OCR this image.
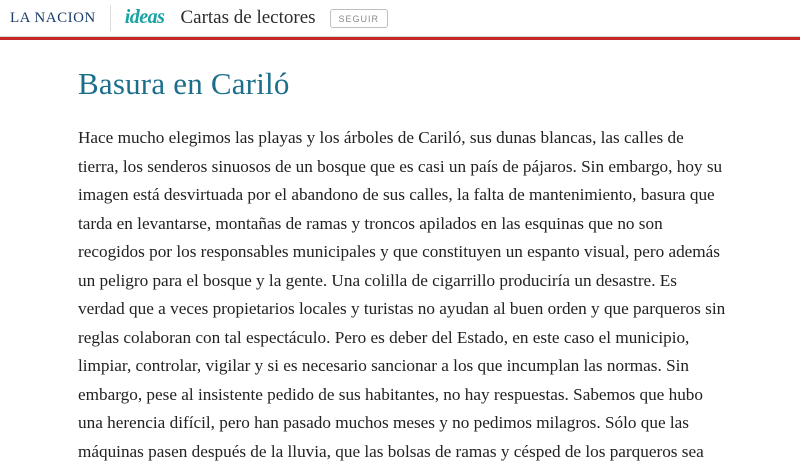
LA NACION ideas Cartas de lectores	SEGUIR
Basura en Cariló

Hace mucho elegimos las playas y los árboles de Cariló, sus dunas blancas, las calles de tierra, los senderos sinuosos de un bosque que es casi un país de pájaros. Sin embargo, hoy su imagen está desvirtuada por el abandono de sus calles, la falta de mantenimiento, basura que tarda en levantarse, montañas de ramas y troncos apilados en las esquinas que no son recogidos por los responsables municipales y que constituyen un espanto visual, pero además un peligro para el bosque y la gente. Una colilla de cigarrillo produciría un desastre. Es verdad que a veces propietarios locales y turistas no ayudan al buen orden y que parqueros sin reglas colaboran con tal espectáculo. Pero es deber del Estado, en este caso el municipio, limpiar, controlar, vigilar y si es necesario sancionar a los que incumplan las normas. Sin embargo, pese al insistente pedido de sus habitantes, no hay respuestas. Sabemos que hubo una herencia difícil, pero han pasado muchos meses y no pedimos milagros. Sólo que las máquinas pasen después de la lluvia, que las bolsas de ramas y césped de los parqueros sea
